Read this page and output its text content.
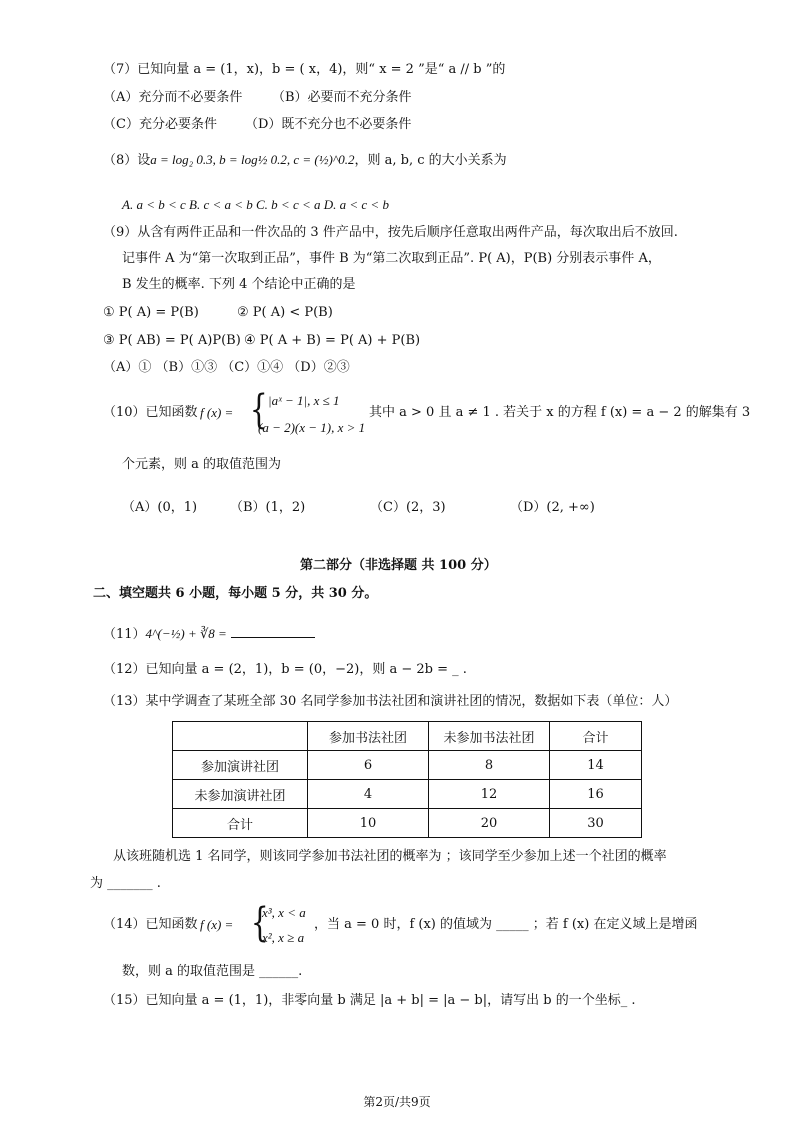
（7）已知向量 a = (1，x)，b = ( x，4)，则“ x = 2 ”是“ a // b ”的
（A）充分而不必要条件 （B）必要而不充分条件
（C）充分必要条件 （D）既不充分也不必要条件
（8）设a = log₂ 0.3, b = log½ 0.2, c = (½)^0.2，则 a, b, c 的大小关系为
A. a < b < c B. c < a < b C. b < c < a D. a < c < b
（9）从含有两件正品和一件次品的 3 件产品中，按先后顺序任意取出两件产品，每次取出后不放回.
记事件 A 为“第一次取到正品”，事件 B 为“第二次取到正品”. P( A)，P(B) 分别表示事件 A，
B 发生的概率. 下列 4 个结论中正确的是
① P( A) = P(B)	② P( A) < P(B)
③ P( AB) = P( A)P(B) ④ P( A + B) = P( A) + P(B)
（A）① （B）①③ （C）①④ （D）②③
（10）已知函数 f (x) = { |aˣ − 1|, x ≤ 1
(a − 2)(x − 1), x > 1
其中 a > 0 且 a ≠ 1 . 若关于 x 的方程 f (x) = a − 2 的解集有 3
个元素，则 a 的取值范围为
（A）(0，1)	（B）(1，2)	（C）(2，3)	（D）(2, +∞)
第二部分（非选择题 共 100 分）
二、填空题共 6 小题，每小题 5 分，共 30 分。
（11）4^(−½) + ∛8 =
（12）已知向量 a = (2，1)，b = (0，−2)，则 a − 2b = _ .
（13）某中学调查了某班全部 30 名同学参加书法社团和演讲社团的情况，数据如下表（单位：人）
	参加书法社团	未参加书法社团	合计
参加演讲社团	6	8	14
未参加演讲社团	4	12	16
合计	10	20	30
从该班随机选 1 名同学，则该同学参加书法社团的概率为 ；该同学至少参加上述一个社团的概率
为 _______ .
（14）已知函数 f (x) = {
x³, x < a
x², x ≥ a
，当 a = 0 时，f (x) 的值域为 _____ ；若 f (x) 在定义域上是增函
数，则 a 的取值范围是 ______.
（15）已知向量 a = (1，1)，非零向量 b 满足 |a + b| = |a − b|，请写出 b 的一个坐标_ .
第2页/共9页
